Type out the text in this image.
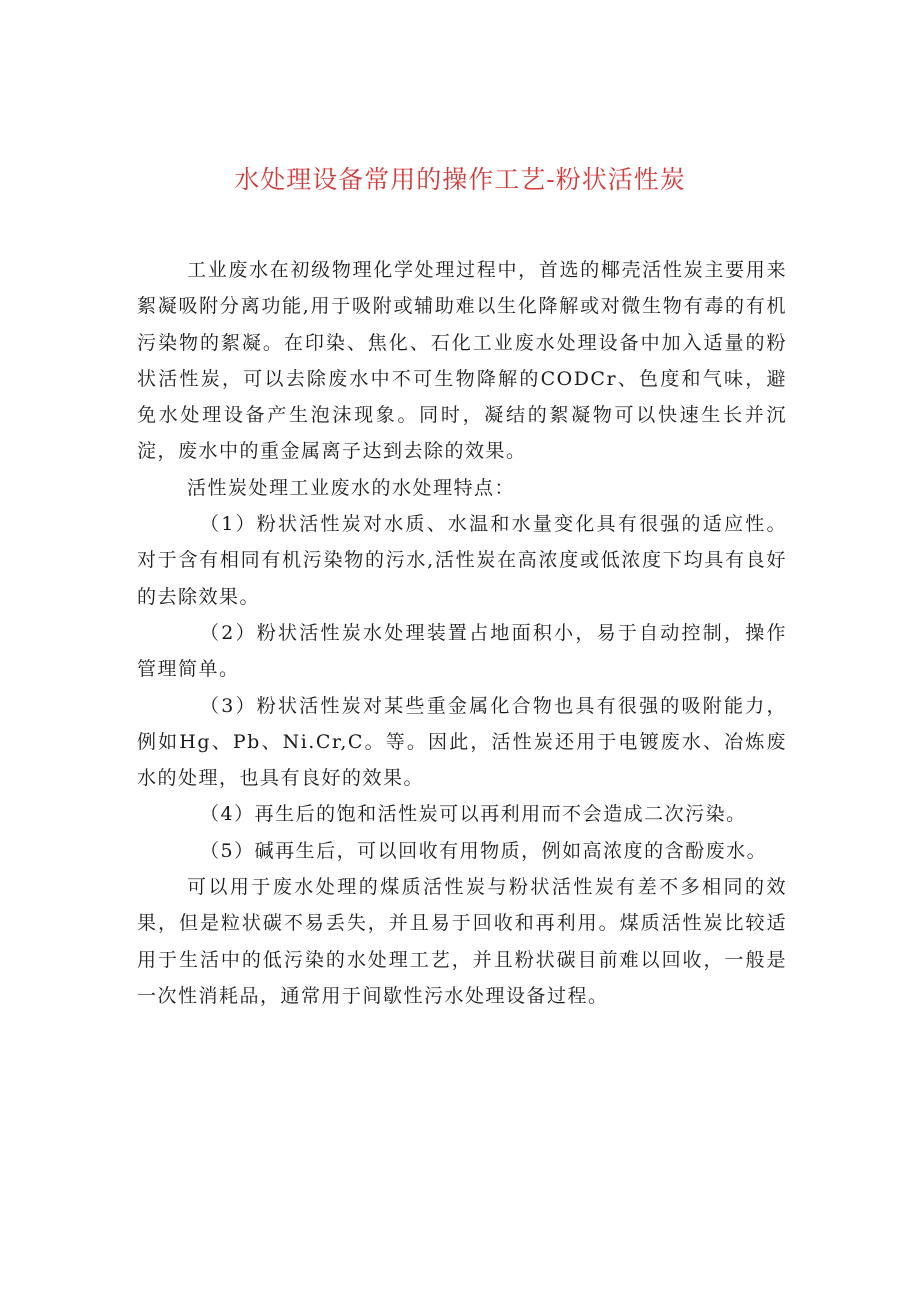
水处理设备常用的操作工艺-粉状活性炭

工业废水在初级物理化学处理过程中，首选的椰壳活性炭主要用来絮凝吸附分离功能,用于吸附或辅助难以生化降解或对微生物有毒的有机污染物的絮凝。在印染、焦化、石化工业废水处理设备中加入适量的粉状活性炭，可以去除废水中不可生物降解的CODCr、色度和气味，避免水处理设备产生泡沫现象。同时，凝结的絮凝物可以快速生长并沉淀，废水中的重金属离子达到去除的效果。

活性炭处理工业废水的水处理特点：

（1）粉状活性炭对水质、水温和水量变化具有很强的适应性。对于含有相同有机污染物的污水,活性炭在高浓度或低浓度下均具有良好的去除效果。

（2）粉状活性炭水处理装置占地面积小，易于自动控制，操作管理简单。

（3）粉状活性炭对某些重金属化合物也具有很强的吸附能力，例如Hg、Pb、Ni.Cr,C。等。因此，活性炭还用于电镀废水、冶炼废水的处理，也具有良好的效果。

（4）再生后的饱和活性炭可以再利用而不会造成二次污染。

（5）碱再生后，可以回收有用物质，例如高浓度的含酚废水。

可以用于废水处理的煤质活性炭与粉状活性炭有差不多相同的效果，但是粒状碳不易丢失，并且易于回收和再利用。煤质活性炭比较适用于生活中的低污染的水处理工艺，并且粉状碳目前难以回收，一般是一次性消耗品，通常用于间歇性污水处理设备过程。
